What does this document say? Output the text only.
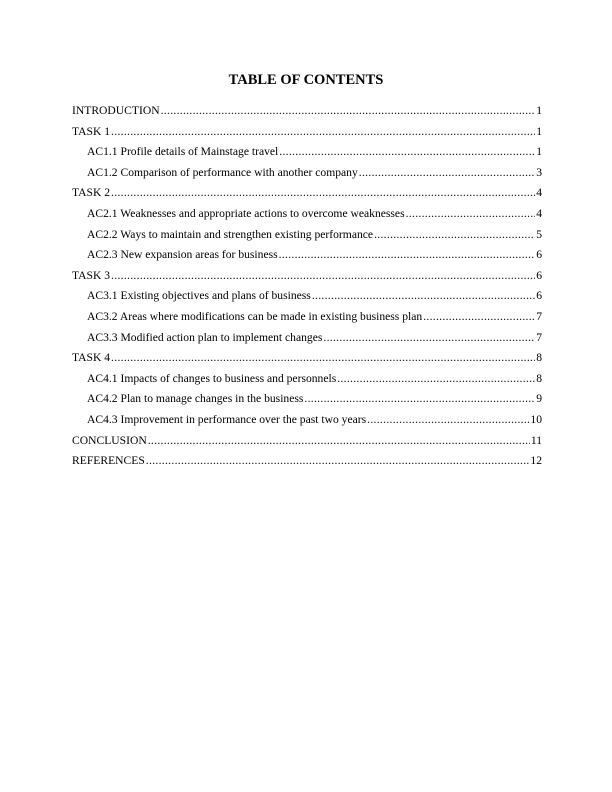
TABLE OF CONTENTS
INTRODUCTION .....	1
TASK 1 .....	1
AC1.1 Profile details of Mainstage travel .....	1
AC1.2 Comparison of performance with another company .....	3
TASK 2 .....	4
AC2.1 Weaknesses and appropriate actions to overcome weaknesses .....	4
AC2.2 Ways to maintain and strengthen existing performance .....	5
AC2.3 New expansion areas for business .....	6
TASK 3 .....	6
AC3.1 Existing objectives and plans of business .....	6
AC3.2 Areas where modifications can be made in existing business plan .....	7
AC3.3 Modified action plan to implement changes .....	7
TASK 4 .....	8
AC4.1 Impacts of changes to business and personnels .....	8
AC4.2 Plan to manage changes in the business .....	9
AC4.3 Improvement in performance over the past two years .....	10
CONCLUSION .....	11
REFERENCES .....	12
